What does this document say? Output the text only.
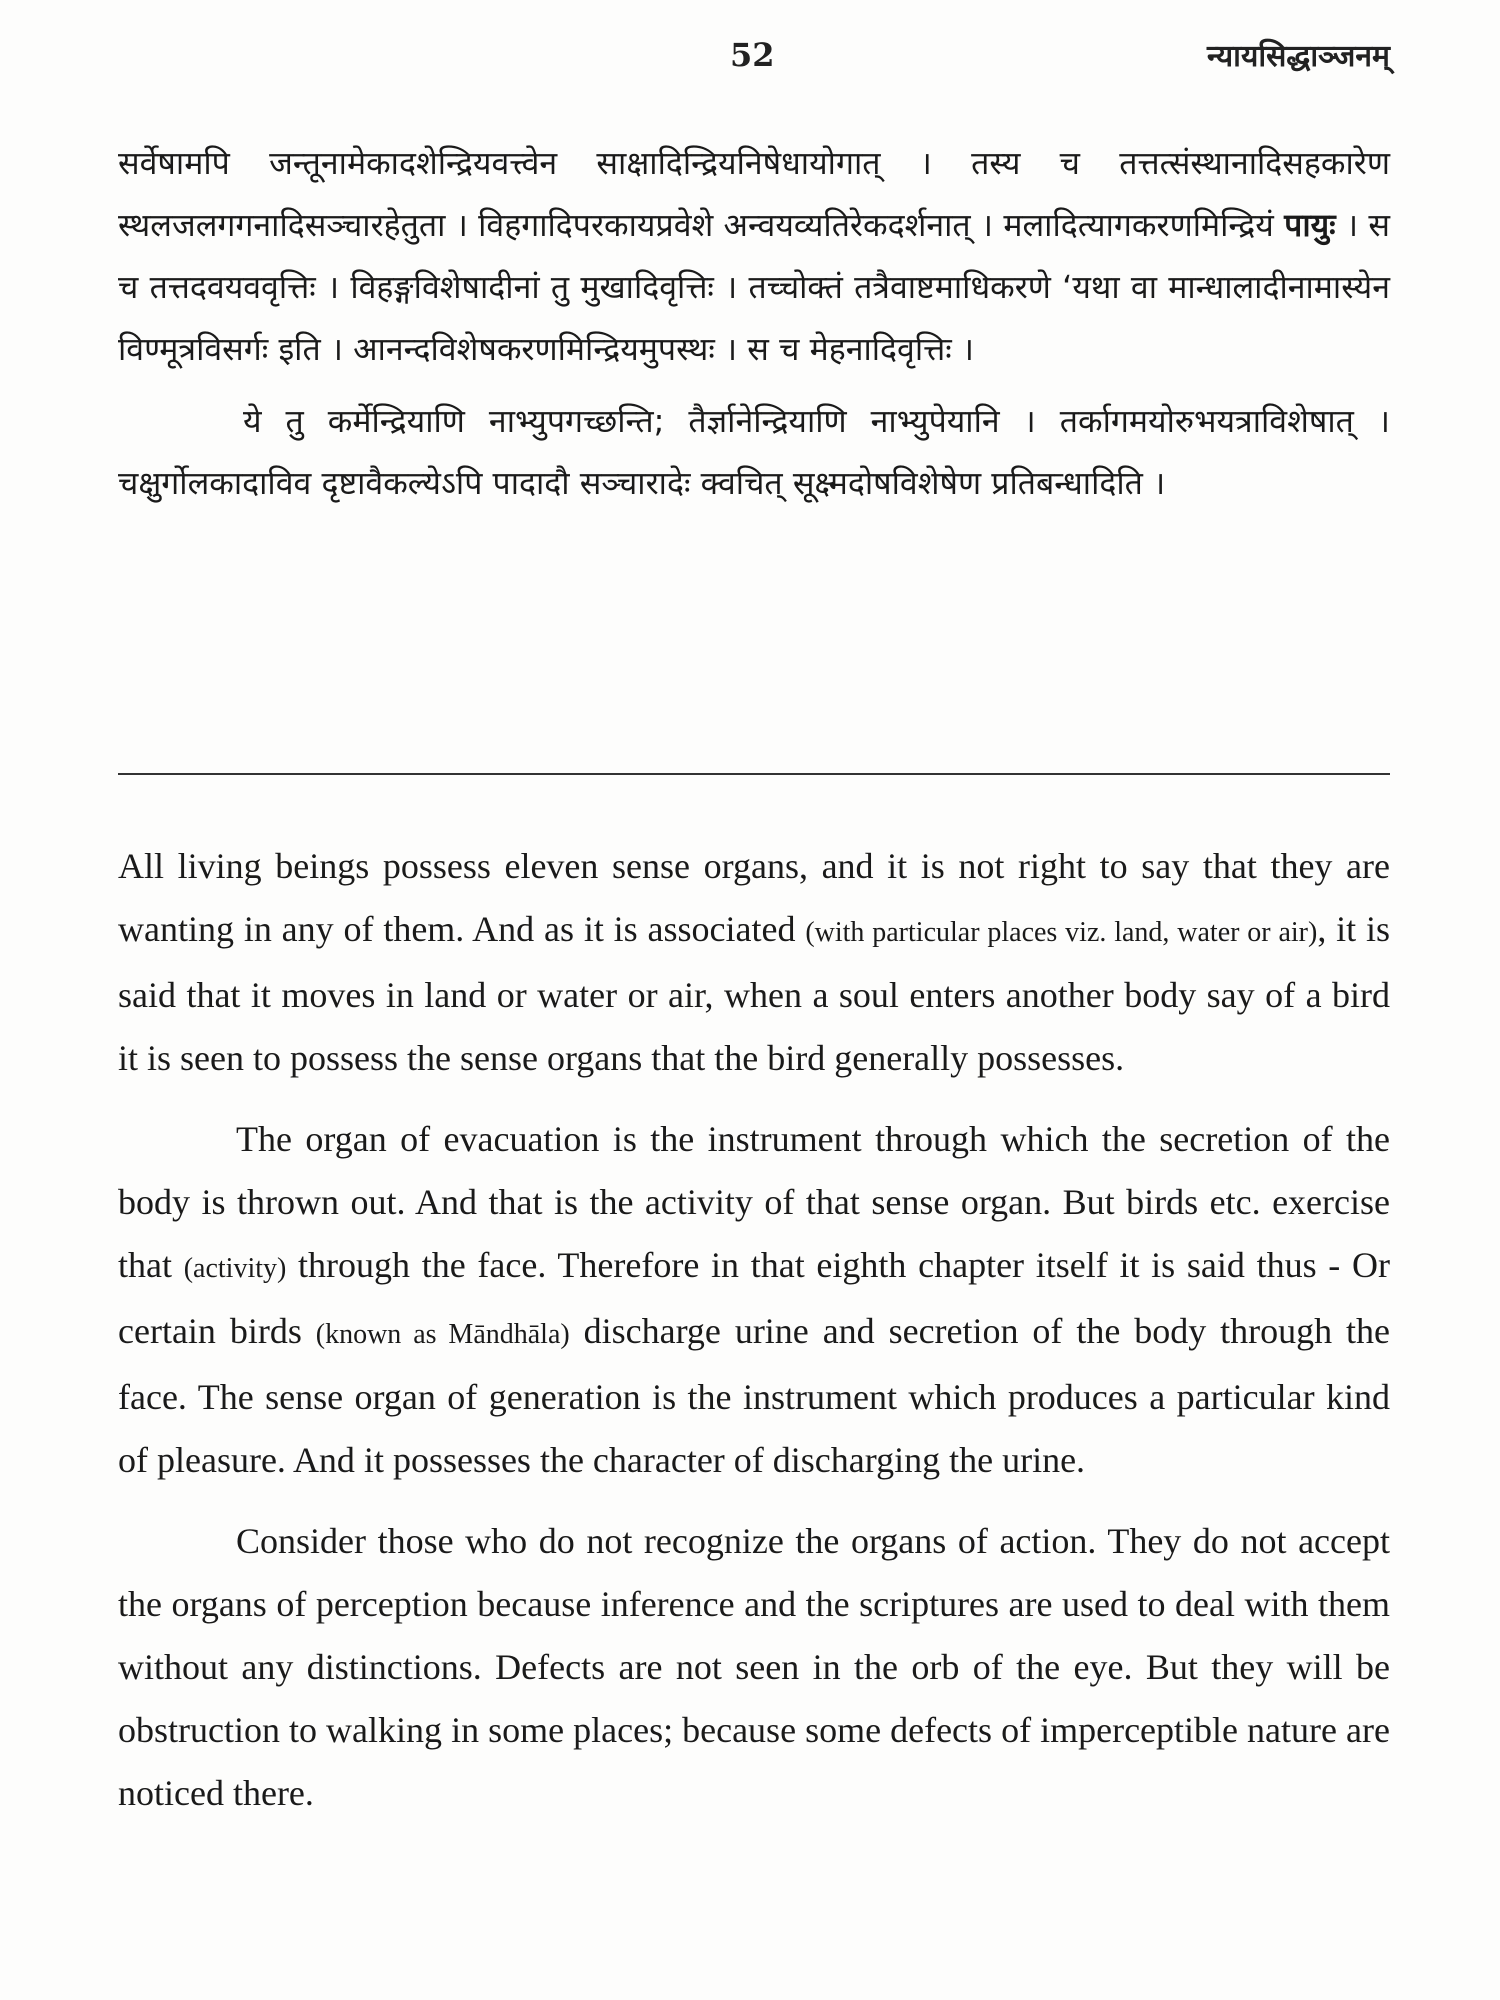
52	न्यायसिद्धाञ्जनम्

सर्वेषामपि जन्तूनामेकादशेन्द्रियवत्त्वेन साक्षादिन्द्रियनिषेधायोगात् । तस्य च तत्तत्संस्थानादिसहकारेण स्थलजलगगनादिसञ्चारहेतुता । विहगादिपरकायप्रवेशे अन्वयव्यतिरेकदर्शनात् । मलादित्यागकरणमिन्द्रियं पायुः । स च तत्तदवयववृत्तिः । विहङ्गविशेषादीनां तु मुखादिवृत्तिः । तच्चोक्तं तत्रैवाष्टमाधिकरणे ‘यथा वा मान्धालादीनामास्येन विण्मूत्रविसर्गः इति । आनन्दविशेषकरणमिन्द्रियमुपस्थः । स च मेहनादिवृत्तिः ।

ये तु कर्मेन्द्रियाणि नाभ्युपगच्छन्ति; तैर्ज्ञानेन्द्रियाणि नाभ्युपेयानि । तर्कागमयोरुभयत्राविशेषात् । चक्षुर्गोलकादाविव दृष्टावैकल्येऽपि पादादौ सञ्चारादेः क्वचित् सूक्ष्मदोषविशेषेण प्रतिबन्धादिति ।

All living beings possess eleven sense organs, and it is not right to say that they are wanting in any of them. And as it is associated (with particular places viz. land, water or air), it is said that it moves in land or water or air, when a soul enters another body say of a bird it is seen to possess the sense organs that the bird generally possesses.

The organ of evacuation is the instrument through which the secretion of the body is thrown out. And that is the activity of that sense organ. But birds etc. exercise that (activity) through the face. Therefore in that eighth chapter itself it is said thus - Or certain birds (known as Māndhāla) discharge urine and secretion of the body through the face. The sense organ of generation is the instrument which produces a particular kind of pleasure. And it possesses the character of discharging the urine.

Consider those who do not recognize the organs of action. They do not accept the organs of perception because inference and the scriptures are used to deal with them without any distinctions. Defects are not seen in the orb of the eye. But they will be obstruction to walking in some places; because some defects of imperceptible nature are noticed there.
